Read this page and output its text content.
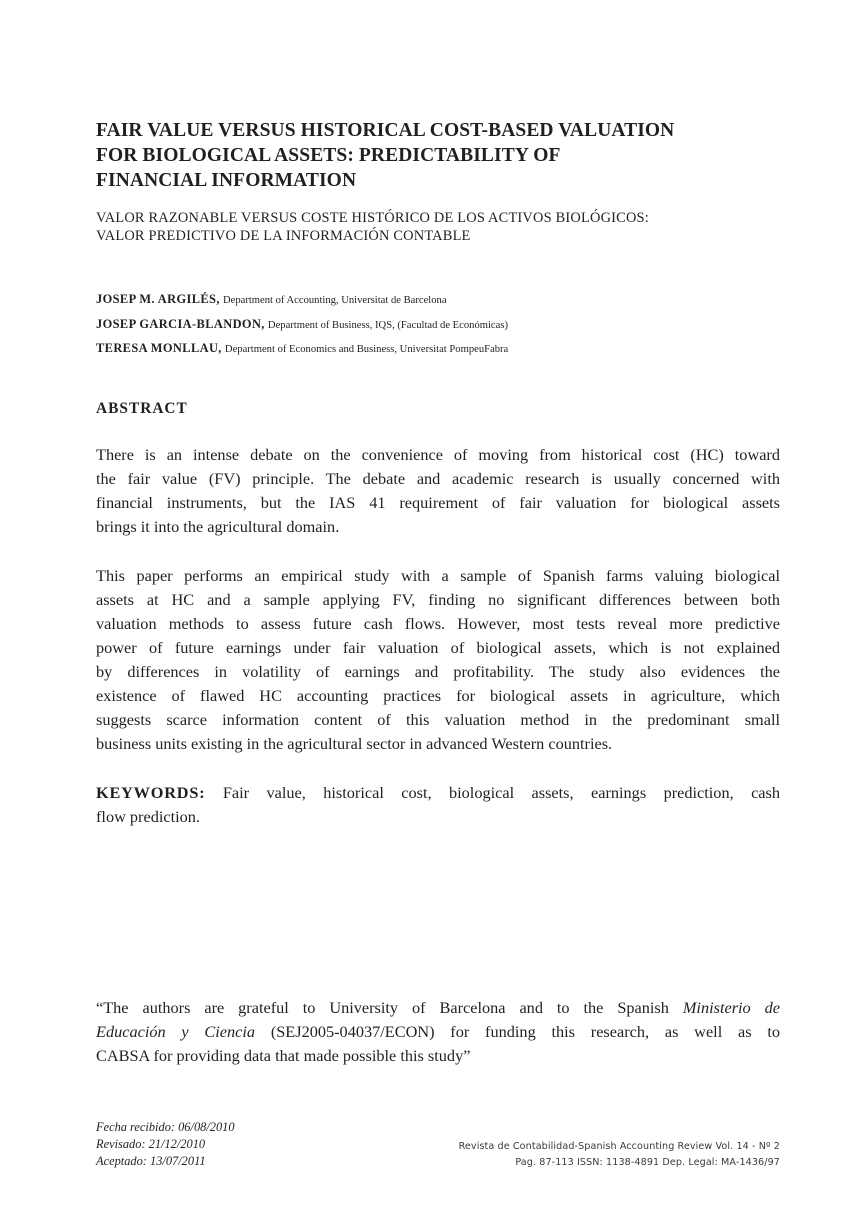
FAIR VALUE VERSUS HISTORICAL COST-BASED VALUATION
FOR BIOLOGICAL ASSETS: PREDICTABILITY OF
FINANCIAL INFORMATION
VALOR RAZONABLE VERSUS COSTE HISTÓRICO DE LOS ACTIVOS BIOLÓGICOS:
VALOR PREDICTIVO DE LA INFORMACIÓN CONTABLE
JOSEP M. ARGILÉS, Department of Accounting, Universitat de Barcelona
JOSEP GARCIA-BLANDON, Department of Business, IQS, (Facultad de Económicas)
TERESA MONLLAU, Department of Economics and Business, Universitat PompeuFabra
ABSTRACT
There is an intense debate on the convenience of moving from historical cost (HC) toward
the fair value (FV) principle. The debate and academic research is usually concerned with
financial instruments, but the IAS 41 requirement of fair valuation for biological assets
brings it into the agricultural domain.
This paper performs an empirical study with a sample of Spanish farms valuing biological
assets at HC and a sample applying FV, finding no significant differences between both
valuation methods to assess future cash flows. However, most tests reveal more predictive
power of future earnings under fair valuation of biological assets, which is not explained
by differences in volatility of earnings and profitability. The study also evidences the
existence of flawed HC accounting practices for biological assets in agriculture, which
suggests scarce information content of this valuation method in the predominant small
business units existing in the agricultural sector in advanced Western countries.
KEYWORDS: Fair value, historical cost, biological assets, earnings prediction, cash
flow prediction.
“The authors are grateful to University of Barcelona and to the Spanish Ministerio de
Educación y Ciencia (SEJ2005-04037/ECON) for funding this research, as well as to
CABSA for providing data that made possible this study”
Fecha recibido: 06/08/2010
Revisado: 21/12/2010
Aceptado: 13/07/2011
Revista de Contabilidad-Spanish Accounting Review Vol. 14 - Nº 2
Pag. 87-113 ISSN: 1138-4891 Dep. Legal: MA-1436/97
